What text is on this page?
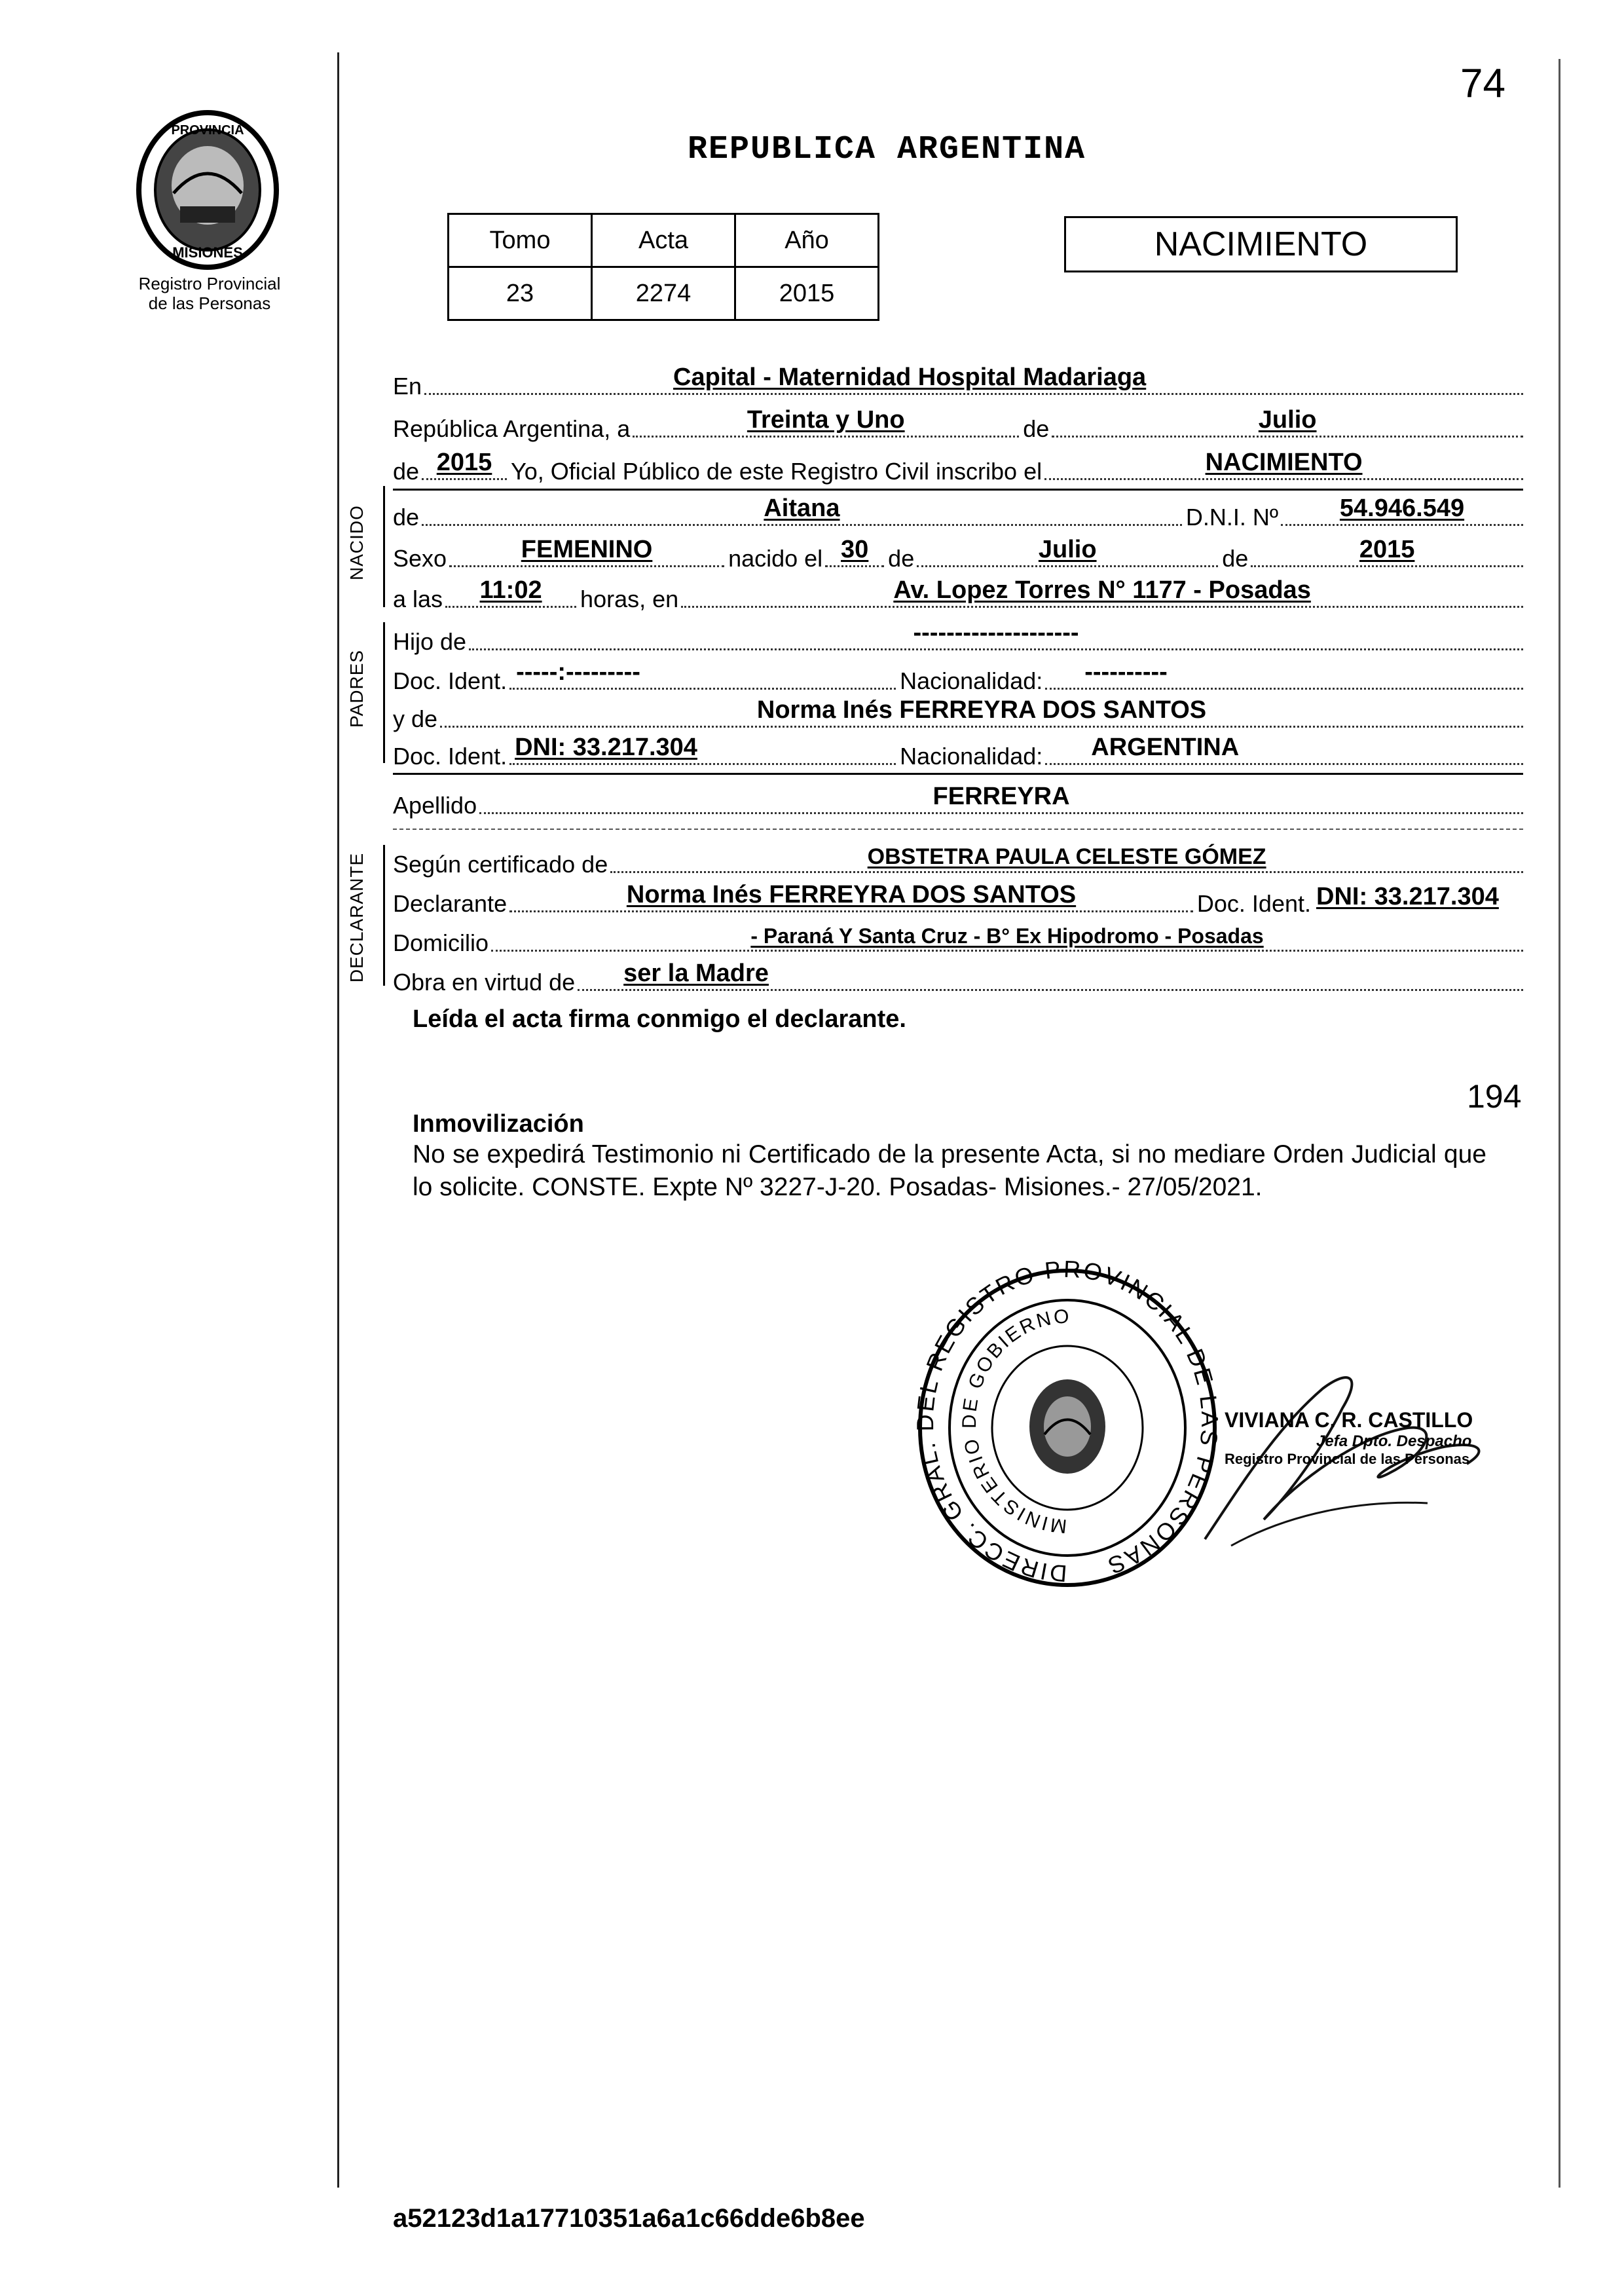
74
PROVINCIA
MISIONES
Registro Provincial
de las Personas
REPUBLICA ARGENTINA
Tomo	Acta	Año
23	2274	2015
NACIMIENTO
En	Capital - Maternidad Hospital Madariaga
República Argentina, a	Treinta y Uno	de	Julio
de 2015 Yo, Oficial Público de este Registro Civil inscribo el	NACIMIENTO
NACIDO de	Aitana	D.N.I. Nº 54.946.549
Sexo	FEMENINO	nacido el 30 de	Julio	de	2015
a las 11:02 horas, en	Av. Lopez Torres N° 1177 - Posadas
PADRES
Hijo de	--------------------
Doc. Ident. -----:---------	Nacionalidad: ----------
y de	Norma Inés FERREYRA DOS SANTOS
Doc. Ident. DNI: 33.217.304	Nacionalidad: ARGENTINA
Apellido	FERREYRA
DECLARANTE Según certificado de	OBSTETRA PAULA CELESTE GÓMEZ
Declarante	Norma Inés FERREYRA DOS SANTOS	Doc. Ident. DNI: 33.217.304
Domicilio	- Paraná Y Santa Cruz - B° Ex Hipodromo - Posadas
Obra en virtud de ser la Madre
Leída el acta firma conmigo el declarante.
194
Inmovilización
No se expedirá Testimonio ni Certificado de la presente Acta, si no mediare Orden Judicial que lo solicite. CONSTE. Expte Nº 3227-J-20. Posadas- Misiones.- 27/05/2021.
DIRECC. GRAL. DEL REGISTRO PROVINCIAL DE LAS PERSONAS
MINISTERIO DE GOBIERNO
VIVIANA C. R. CASTILLO
Jefa Dpto. Despacho
Registro Provincial de las Personas
a52123d1a17710351a6a1c66dde6b8ee
